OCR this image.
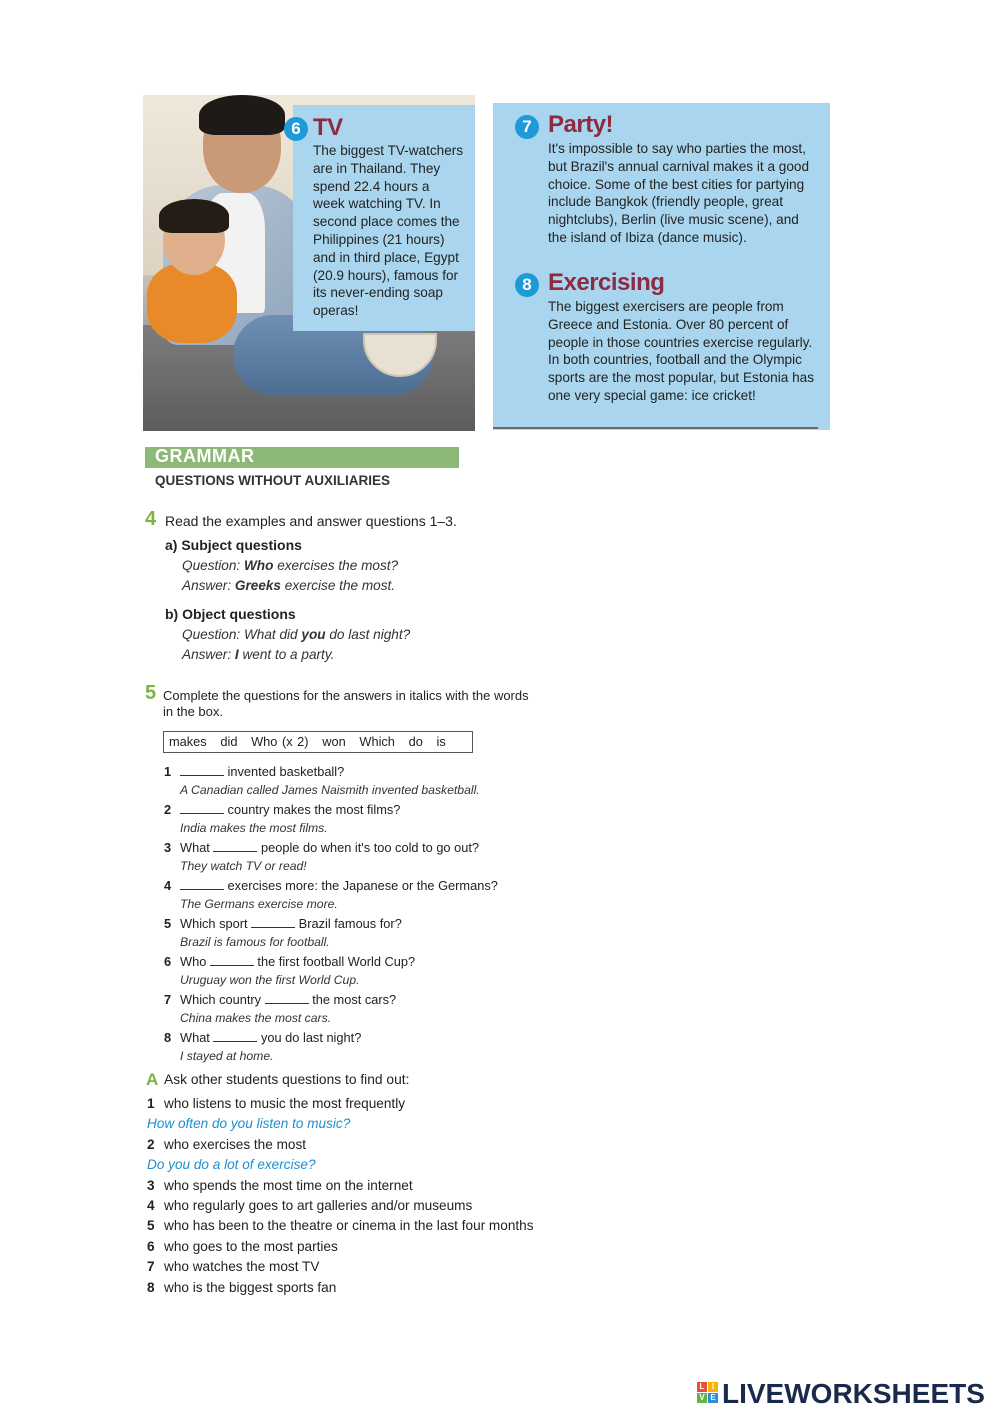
6 TV
The biggest TV-watchers
are in Thailand. They
spend 22.4 hours a
week watching TV. In
second place comes the
Philippines (21 hours)
and in third place, Egypt
(20.9 hours), famous for
its never-ending soap
operas!
7 Party!
It's impossible to say who parties the most,
but Brazil's annual carnival makes it a good
choice. Some of the best cities for partying
include Bangkok (friendly people, great
nightclubs), Berlin (live music scene), and
the island of Ibiza (dance music).
8 Exercising
The biggest exercisers are people from
Greece and Estonia. Over 80 percent of
people in those countries exercise regularly.
In both countries, football and the Olympic
sports are the most popular, but Estonia has
one very special game: ice cricket!
GRAMMAR
QUESTIONS WITHOUT AUXILIARIES
4 Read the examples and answer questions 1–3.
a) Subject questions
Question: Who exercises the most?
Answer: Greeks exercise the most.
b) Object questions
Question: What did you do last night?
Answer: I went to a party.
5 Complete the questions for the answers in italics with the words
in the box.
makes   did   Who (x 2)   won   Which   do   is
1	invented basketball?
A Canadian called James Naismith invented basketball.
2	country makes the most films?
India makes the most films.
3 What	people do when it's too cold to go out?
They watch TV or read!
4	exercises more: the Japanese or the Germans?
The Germans exercise more.
5 Which sport	Brazil famous for?
Brazil is famous for football.
6 Who	the first football World Cup?
Uruguay won the first World Cup.
7 Which country	the most cars?
China makes the most cars.
8 What	you do last night?
I stayed at home.
A Ask other students questions to find out:
1 who listens to music the most frequently
How often do you listen to music?
2 who exercises the most
Do you do a lot of exercise?
3 who spends the most time on the internet
4 who regularly goes to art galleries and/or museums
5 who has been to the theatre or cinema in the last four months
6 who goes to the most parties
7 who watches the most TV
8 who is the biggest sports fan
L I
V E LIVEWORKSHEETS
